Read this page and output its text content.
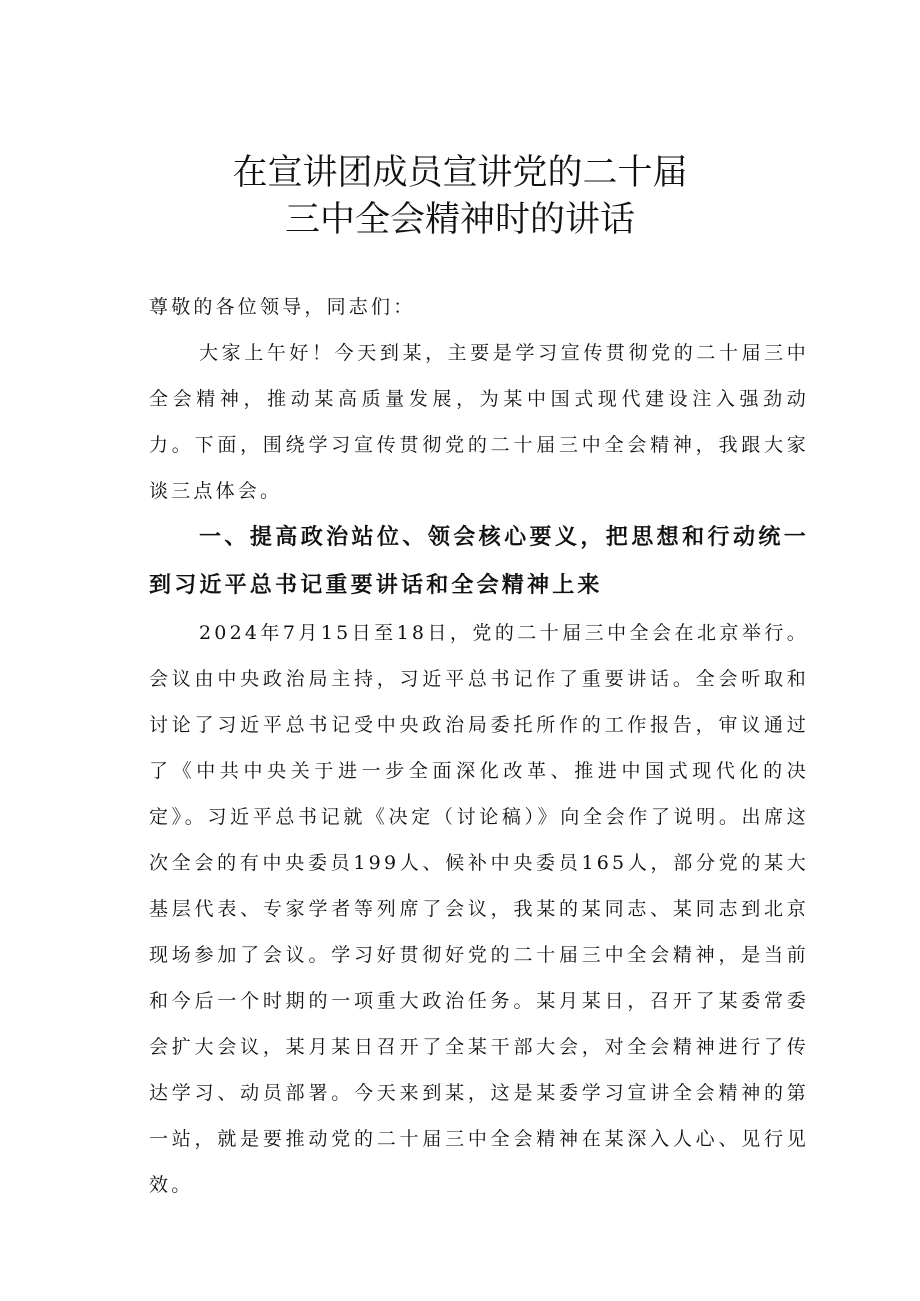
在宣讲团成员宣讲党的二十届
三中全会精神时的讲话

尊敬的各位领导，同志们：

大家上午好！今天到某，主要是学习宣传贯彻党的二十届三中全会精神，推动某高质量发展，为某中国式现代建设注入强劲动力。下面，围绕学习宣传贯彻党的二十届三中全会精神，我跟大家谈三点体会。

一、提高政治站位、领会核心要义，把思想和行动统一到习近平总书记重要讲话和全会精神上来

2024年7月15日至18日，党的二十届三中全会在北京举行。会议由中央政治局主持，习近平总书记作了重要讲话。全会听取和讨论了习近平总书记受中央政治局委托所作的工作报告，审议通过了《中共中央关于进一步全面深化改革、推进中国式现代化的决定》。习近平总书记就《决定（讨论稿）》向全会作了说明。出席这次全会的有中央委员199人、候补中央委员165人，部分党的某大基层代表、专家学者等列席了会议，我某的某同志、某同志到北京现场参加了会议。学习好贯彻好党的二十届三中全会精神，是当前和今后一个时期的一项重大政治任务。某月某日，召开了某委常委会扩大会议，某月某日召开了全某干部大会，对全会精神进行了传达学习、动员部署。今天来到某，这是某委学习宣讲全会精神的第一站，就是要推动党的二十届三中全会精神在某深入人心、见行见效。
